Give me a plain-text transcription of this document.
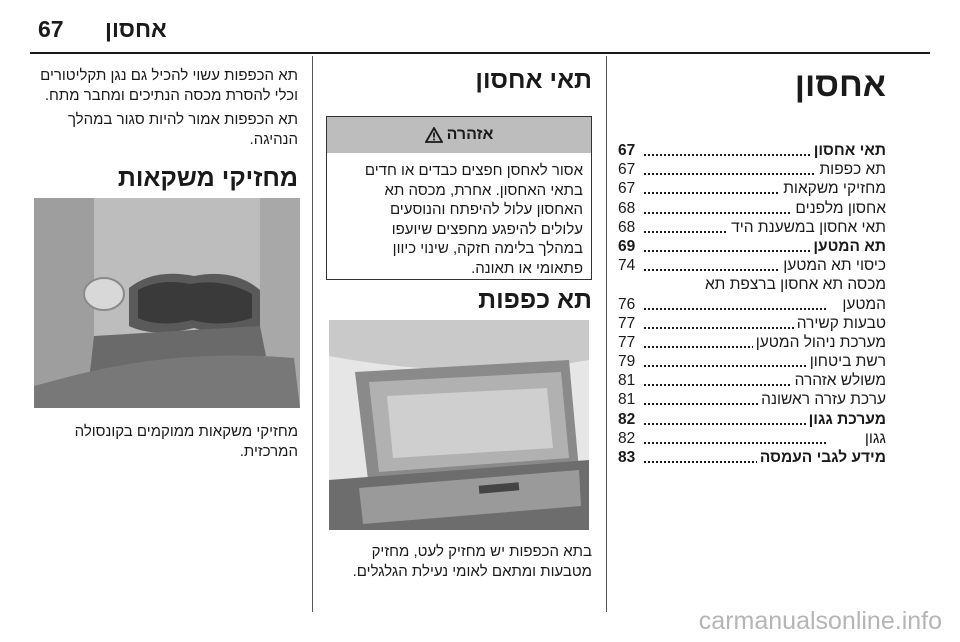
67 אחסון
אחסון
תאי אחסון
67
תא כפפות
67
מחזיקי משקאות
67
אחסון מלפנים
68
תאי אחסון במשענת היד
68
תא המטען
69
כיסוי תא המטען
74
מכסה תא אחסון ברצפת תא
המטען
76
טבעות קשירה
77
מערכת ניהול המטען
77
רשת ביטחון
79
משולש אזהרה
81
ערכת עזרה ראשונה
81
מערכת גגון
82
גגון
82
מידע לגבי העמסה
83
תאי אחסון
אזהרה
אסור לאחסן חפצים כבדים או חדים
בתאי האחסון. אחרת, מכסה תא
האחסון עלול להיפתח והנוסעים
עלולים להיפגע מחפצים שיועפו
במהלך בלימה חזקה, שינוי כיוון
פתאומי או תאונה.
תא כפפות
בתא הכפפות יש מחזיק לעט, מחזיק
מטבעות ומתאם לאומי נעילת הגלגלים.
תא הכפפות עשוי להכיל גם נגן תקליטורים
וכלי להסרת מכסה הנתיכים ומחבר מתח.
תא הכפפות אמור להיות סגור במהלך
הנהיגה.
מחזיקי משקאות
מחזיקי משקאות ממוקמים בקונסולה
המרכזית.
carmanualsonline.info
